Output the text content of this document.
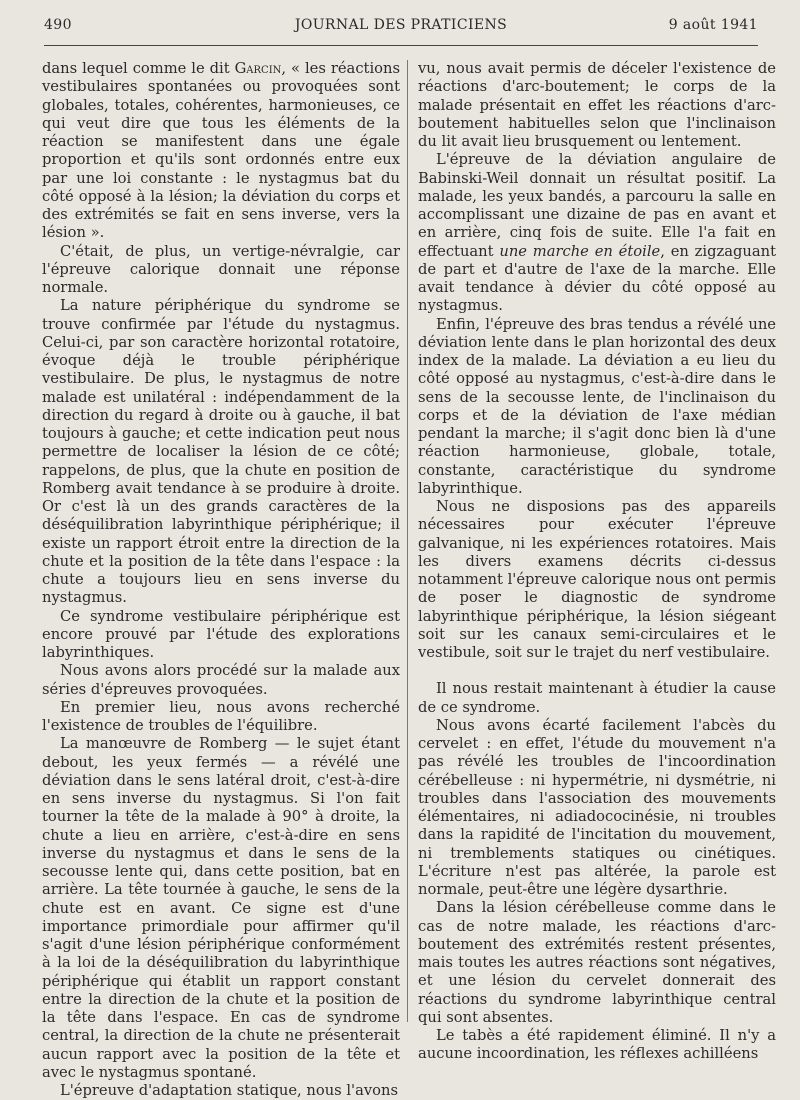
490	JOURNAL DES PRATICIENS	9 août 1941

dans lequel comme le dit Garcin, « les réactions vestibulaires spontanées ou provoquées sont globales, totales, cohérentes, harmonieuses, ce qui veut dire que tous les éléments de la réaction se manifestent dans une égale proportion et qu'ils sont ordonnés entre eux par une loi constante : le nystagmus bat du côté opposé à la lésion; la déviation du corps et des extrémités se fait en sens inverse, vers la lésion ».

C'était, de plus, un vertige-névralgie, car l'épreuve calorique donnait une réponse normale.

La nature périphérique du syndrome se trouve confirmée par l'étude du nystagmus. Celui-ci, par son caractère horizontal rotatoire, évoque déjà le trouble périphérique vestibulaire. De plus, le nystagmus de notre malade est unilatéral : indépendamment de la direction du regard à droite ou à gauche, il bat toujours à gauche; et cette indication peut nous permettre de localiser la lésion de ce côté; rappelons, de plus, que la chute en position de Romberg avait tendance à se produire à droite. Or c'est là un des grands caractères de la déséquilibration labyrinthique périphérique; il existe un rapport étroit entre la direction de la chute et la position de la tête dans l'espace : la chute a toujours lieu en sens inverse du nystagmus.

Ce syndrome vestibulaire périphérique est encore prouvé par l'étude des explorations labyrinthiques.

Nous avons alors procédé sur la malade aux séries d'épreuves provoquées.

En premier lieu, nous avons recherché l'existence de troubles de l'équilibre.

La manœuvre de Romberg — le sujet étant debout, les yeux fermés — a révélé une déviation dans le sens latéral droit, c'est-à-dire en sens inverse du nystagmus. Si l'on fait tourner la tête de la malade à 90° à droite, la chute a lieu en arrière, c'est-à-dire en sens inverse du nystagmus et dans le sens de la secousse lente qui, dans cette position, bat en arrière. La tête tournée à gauche, le sens de la chute est en avant. Ce signe est d'une importance primordiale pour affirmer qu'il s'agit d'une lésion périphérique conformément à la loi de la déséquilibration du labyrinthique périphérique qui établit un rapport constant entre la direction de la chute et la position de la tête dans l'espace. En cas de syndrome central, la direction de la chute ne présenterait aucun rapport avec la position de la tête et avec le nystagmus spontané.

L'épreuve d'adaptation statique, nous l'avons

vu, nous avait permis de déceler l'existence de réactions d'arc-boutement; le corps de la malade présentait en effet les réactions d'arc-boutement habituelles selon que l'inclinaison du lit avait lieu brusquement ou lentement.

L'épreuve de la déviation angulaire de Babinski-Weil donnait un résultat positif. La malade, les yeux bandés, a parcouru la salle en accomplissant une dizaine de pas en avant et en arrière, cinq fois de suite. Elle l'a fait en effectuant une marche en étoile, en zigzaguant de part et d'autre de l'axe de la marche. Elle avait tendance à dévier du côté opposé au nystagmus.

Enfin, l'épreuve des bras tendus a révélé une déviation lente dans le plan horizontal des deux index de la malade. La déviation a eu lieu du côté opposé au nystagmus, c'est-à-dire dans le sens de la secousse lente, de l'inclinaison du corps et de la déviation de l'axe médian pendant la marche; il s'agit donc bien là d'une réaction harmonieuse, globale, totale, constante, caractéristique du syndrome labyrinthique.

Nous ne disposions pas des appareils nécessaires pour exécuter l'épreuve galvanique, ni les expériences rotatoires. Mais les divers examens décrits ci-dessus notamment l'épreuve calorique nous ont permis de poser le diagnostic de syndrome labyrinthique périphérique, la lésion siégeant soit sur les canaux semi-circulaires et le vestibule, soit sur le trajet du nerf vestibulaire.

Il nous restait maintenant à étudier la cause de ce syndrome.

Nous avons écarté facilement l'abcès du cervelet : en effet, l'étude du mouvement n'a pas révélé les troubles de l'incoordination cérébelleuse : ni hypermétrie, ni dysmétrie, ni troubles dans l'association des mouvements élémentaires, ni adiadococinésie, ni troubles dans la rapidité de l'incitation du mouvement, ni tremblements statiques ou cinétiques. L'écriture n'est pas altérée, la parole est normale, peut-être une légère dysarthrie.

Dans la lésion cérébelleuse comme dans le cas de notre malade, les réactions d'arc-boutement des extrémités restent présentes, mais toutes les autres réactions sont négatives, et une lésion du cervelet donnerait des réactions du syndrome labyrinthique central qui sont absentes.

Le tabès a été rapidement éliminé. Il n'y a aucune incoordination, les réflexes achilléens
